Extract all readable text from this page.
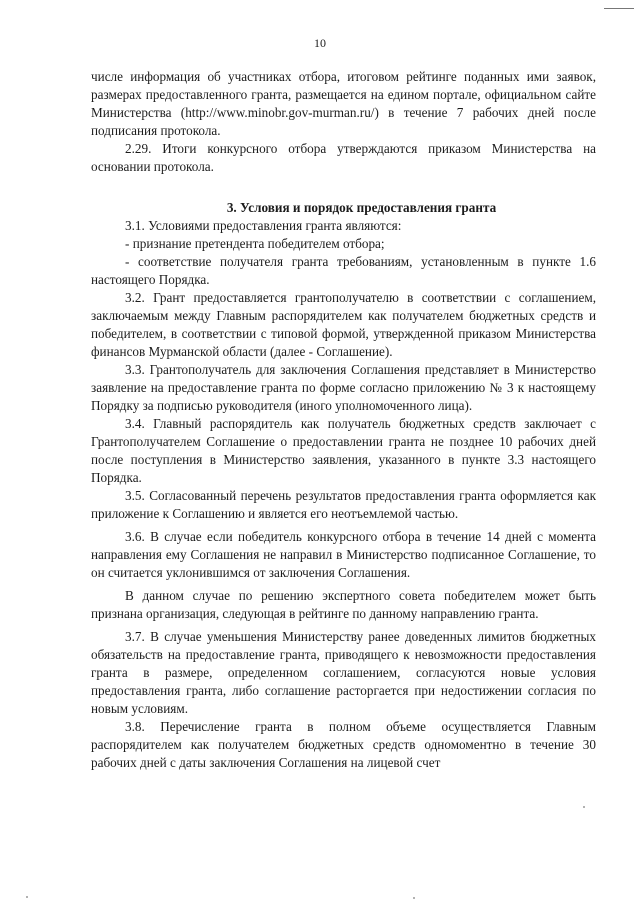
10

числе информация об участниках отбора, итоговом рейтинге поданных ими заявок, размерах предоставленного гранта, размещается на едином портале, официальном сайте Министерства (http://www.minobr.gov-murman.ru/) в течение 7 рабочих дней после подписания протокола.

2.29. Итоги конкурсного отбора утверждаются приказом Министерства на основании протокола.

3. Условия и порядок предоставления гранта

3.1. Условиями предоставления гранта являются:

- признание претендента победителем отбора;

- соответствие получателя гранта требованиям, установленным в пункте 1.6 настоящего Порядка.

3.2. Грант предоставляется грантополучателю в соответствии с соглашением, заключаемым между Главным распорядителем как получателем бюджетных средств и победителем, в соответствии с типовой формой, утвержденной приказом Министерства финансов Мурманской области (далее - Соглашение).

3.3. Грантополучатель для заключения Соглашения представляет в Министерство заявление на предоставление гранта по форме согласно приложению № 3 к настоящему Порядку за подписью руководителя (иного уполномоченного лица).

3.4. Главный распорядитель как получатель бюджетных средств заключает с Грантополучателем Соглашение о предоставлении гранта не позднее 10 рабочих дней после поступления в Министерство заявления, указанного в пункте 3.3 настоящего Порядка.

3.5. Согласованный перечень результатов предоставления гранта оформляется как приложение к Соглашению и является его неотъемлемой частью.

3.6. В случае если победитель конкурсного отбора в течение 14 дней с момента направления ему Соглашения не направил в Министерство подписанное Соглашение, то он считается уклонившимся от заключения Соглашения.

В данном случае по решению экспертного совета победителем может быть признана организация, следующая в рейтинге по данному направлению гранта.

3.7. В случае уменьшения Министерству ранее доведенных лимитов бюджетных обязательств на предоставление гранта, приводящего к невозможности предоставления гранта в размере, определенном соглашением, согласуются новые условия предоставления гранта, либо соглашение расторгается при недостижении согласия по новым условиям.

3.8. Перечисление гранта в полном объеме осуществляется Главным распорядителем как получателем бюджетных средств одномоментно в течение 30 рабочих дней с даты заключения Соглашения на лицевой счет
